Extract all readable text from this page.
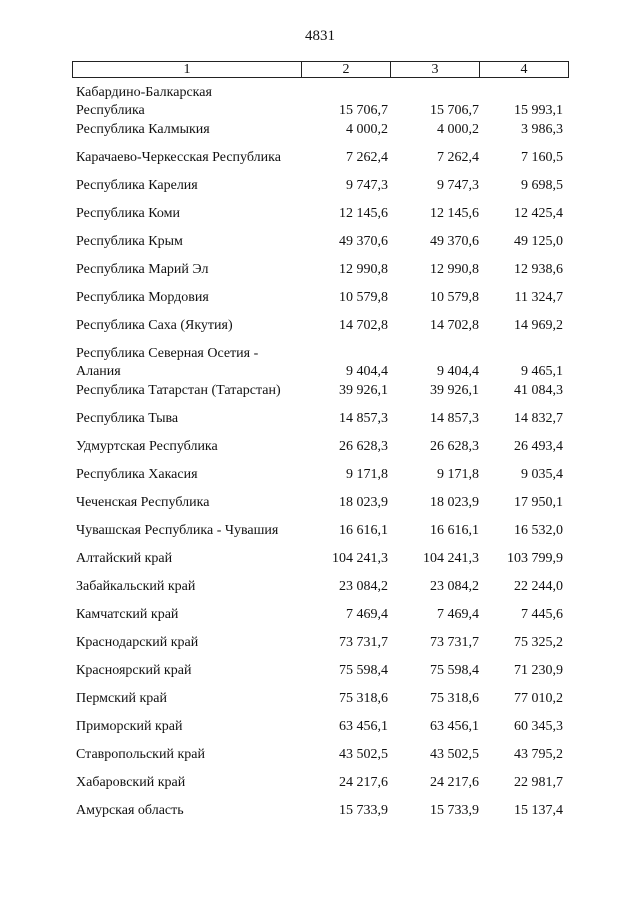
4831
1	2	3	4
Кабардино-Балкарская
Республика	15 706,7	15 706,7	15 993,1
Республика Калмыкия	4 000,2	4 000,2	3 986,3
Карачаево-Черкесская Республика	7 262,4	7 262,4	7 160,5
Республика Карелия	9 747,3	9 747,3	9 698,5
Республика Коми	12 145,6	12 145,6	12 425,4
Республика Крым	49 370,6	49 370,6	49 125,0
Республика Марий Эл	12 990,8	12 990,8	12 938,6
Республика Мордовия	10 579,8	10 579,8	11 324,7
Республика Саха (Якутия)	14 702,8	14 702,8	14 969,2
Республика Северная Осетия -
Алания	9 404,4	9 404,4	9 465,1
Республика Татарстан (Татарстан)	39 926,1	39 926,1	41 084,3
Республика Тыва	14 857,3	14 857,3	14 832,7
Удмуртская Республика	26 628,3	26 628,3	26 493,4
Республика Хакасия	9 171,8	9 171,8	9 035,4
Чеченская Республика	18 023,9	18 023,9	17 950,1
Чувашская Республика - Чувашия	16 616,1	16 616,1	16 532,0
Алтайский край	104 241,3	104 241,3	103 799,9
Забайкальский край	23 084,2	23 084,2	22 244,0
Камчатский край	7 469,4	7 469,4	7 445,6
Краснодарский край	73 731,7	73 731,7	75 325,2
Красноярский край	75 598,4	75 598,4	71 230,9
Пермский край	75 318,6	75 318,6	77 010,2
Приморский край	63 456,1	63 456,1	60 345,3
Ставропольский край	43 502,5	43 502,5	43 795,2
Хабаровский край	24 217,6	24 217,6	22 981,7
Амурская область	15 733,9	15 733,9	15 137,4
